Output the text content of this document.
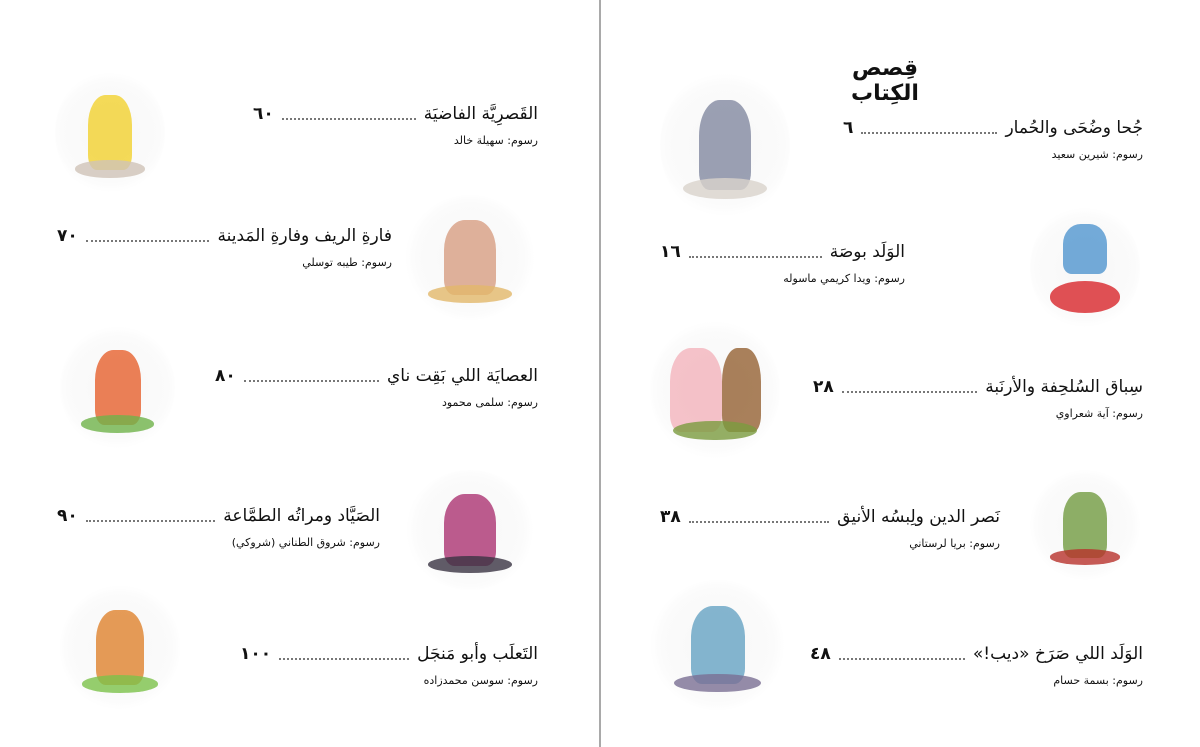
قِصص الكِتاب
جُحا وضُحَى والحُمار
٦
رسوم: شيرين سعيد
الوَلَد بوصَة
١٦
رسوم: ويدا كريمي ماسوله
سِباق السُلحِفة والأرنَبة
٢٨
رسوم: آية شعراوي
نَصر الدين ولِبسُه الأنيق
٣٨
رسوم: بريا لرستاني
الوَلَد اللي صَرَخ «ديب!»
٤٨
رسوم: بسمة حسام
القَصرِيَّة الفاضيَة
٦٠
رسوم: سهيلة خالد
فارةِ الريف وفارةِ المَدينة
٧٠
رسوم: طيبه توسلي
العصايَة اللي بَقِت ناي
٨٠
رسوم: سلمى محمود
الصَيَّاد ومراتُه الطمَّاعة
٩٠
رسوم: شروق الطناني (شروكي)
التَعلَب وأبو مَنجَل
١٠٠
رسوم: سوسن محمدزاده
